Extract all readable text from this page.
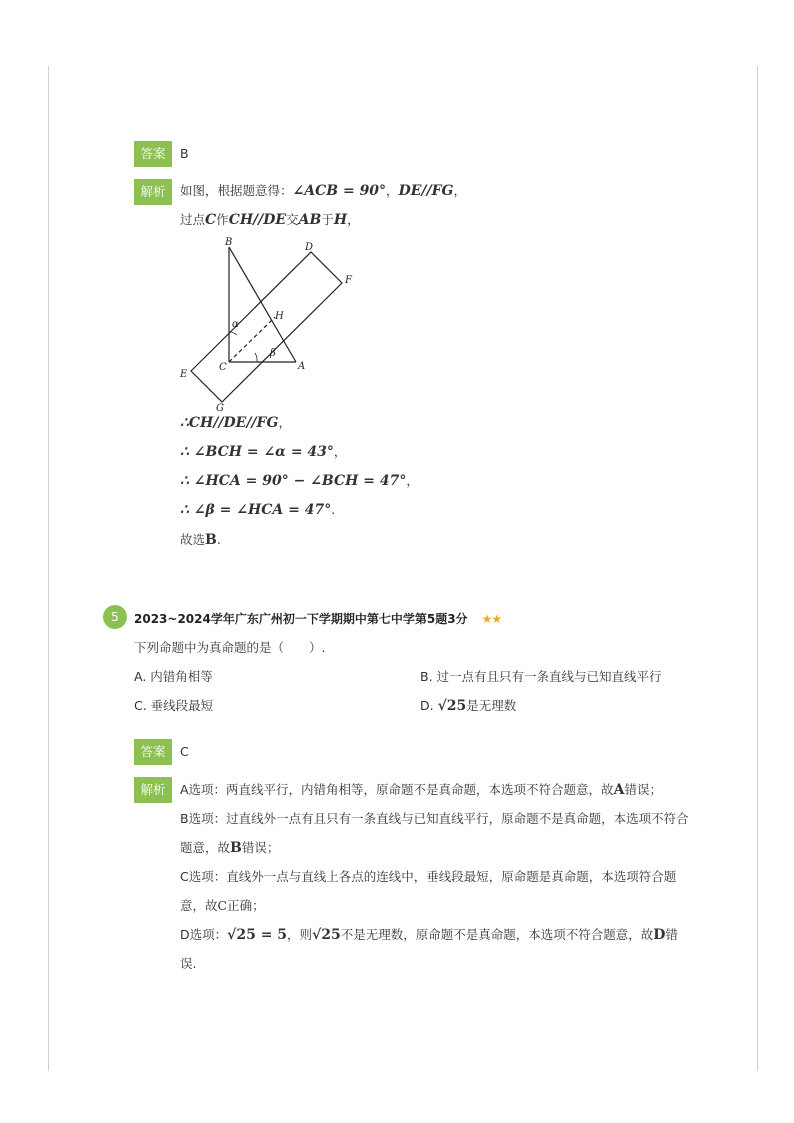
答案	B
解析	如图，根据题意得：∠ACB = 90°，DE//FG，
过点C作CH//DE交AB于H，
B	D
F
H
α
β
E
C	A
G
∴CH//DE//FG，
∴ ∠BCH = ∠α = 43°，
∴ ∠HCA = 90° − ∠BCH = 47°，
∴ ∠β = ∠HCA = 47°.
故选B.
5	2023~2024学年广东广州初一下学期期中第七中学第5题3分 ★★
下列命题中为真命题的是（　　）.
A. 内错角相等	B. 过一点有且只有一条直线与已知直线平行
C. 垂线段最短	D. √25是无理数
答案	C
解析	A选项：两直线平行，内错角相等，原命题不是真命题，本选项不符合题意，故A错误；
B选项：过直线外一点有且只有一条直线与已知直线平行，原命题不是真命题，本选项不符合
题意，故B错误；
C选项：直线外一点与直线上各点的连线中，垂线段最短，原命题是真命题，本选项符合题
意，故C正确；
D选项：√25 = 5，则√25不是无理数，原命题不是真命题，本选项不符合题意，故D错
误.
